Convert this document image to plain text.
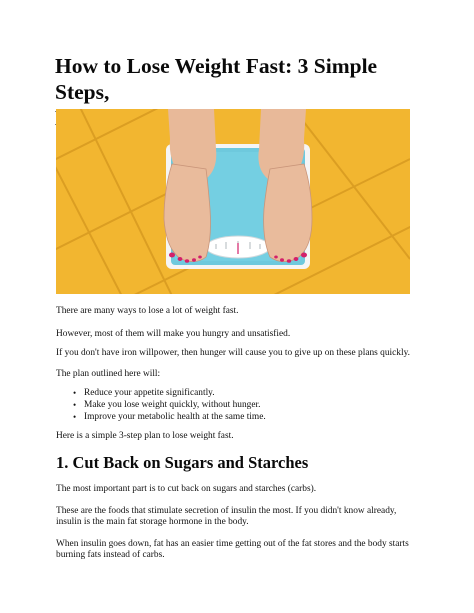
How to Lose Weight Fast: 3 Simple Steps,

There are many ways to lose a lot of weight fast.

However, most of them will make you hungry and unsatisfied.

If you don't have iron willpower, then hunger will cause you to give up on these plans quickly.

The plan outlined here will:

• Reduce your appetite significantly.
• Make you lose weight quickly, without hunger.
• Improve your metabolic health at the same time.

Here is a simple 3-step plan to lose weight fast.

1. Cut Back on Sugars and Starches

The most important part is to cut back on sugars and starches (carbs).

These are the foods that stimulate secretion of insulin the most. If you didn't know already,

insulin is the main fat storage hormone in the body.

When insulin goes down, fat has an easier time getting out of the fat stores and the body starts

burning fats instead of carbs.
